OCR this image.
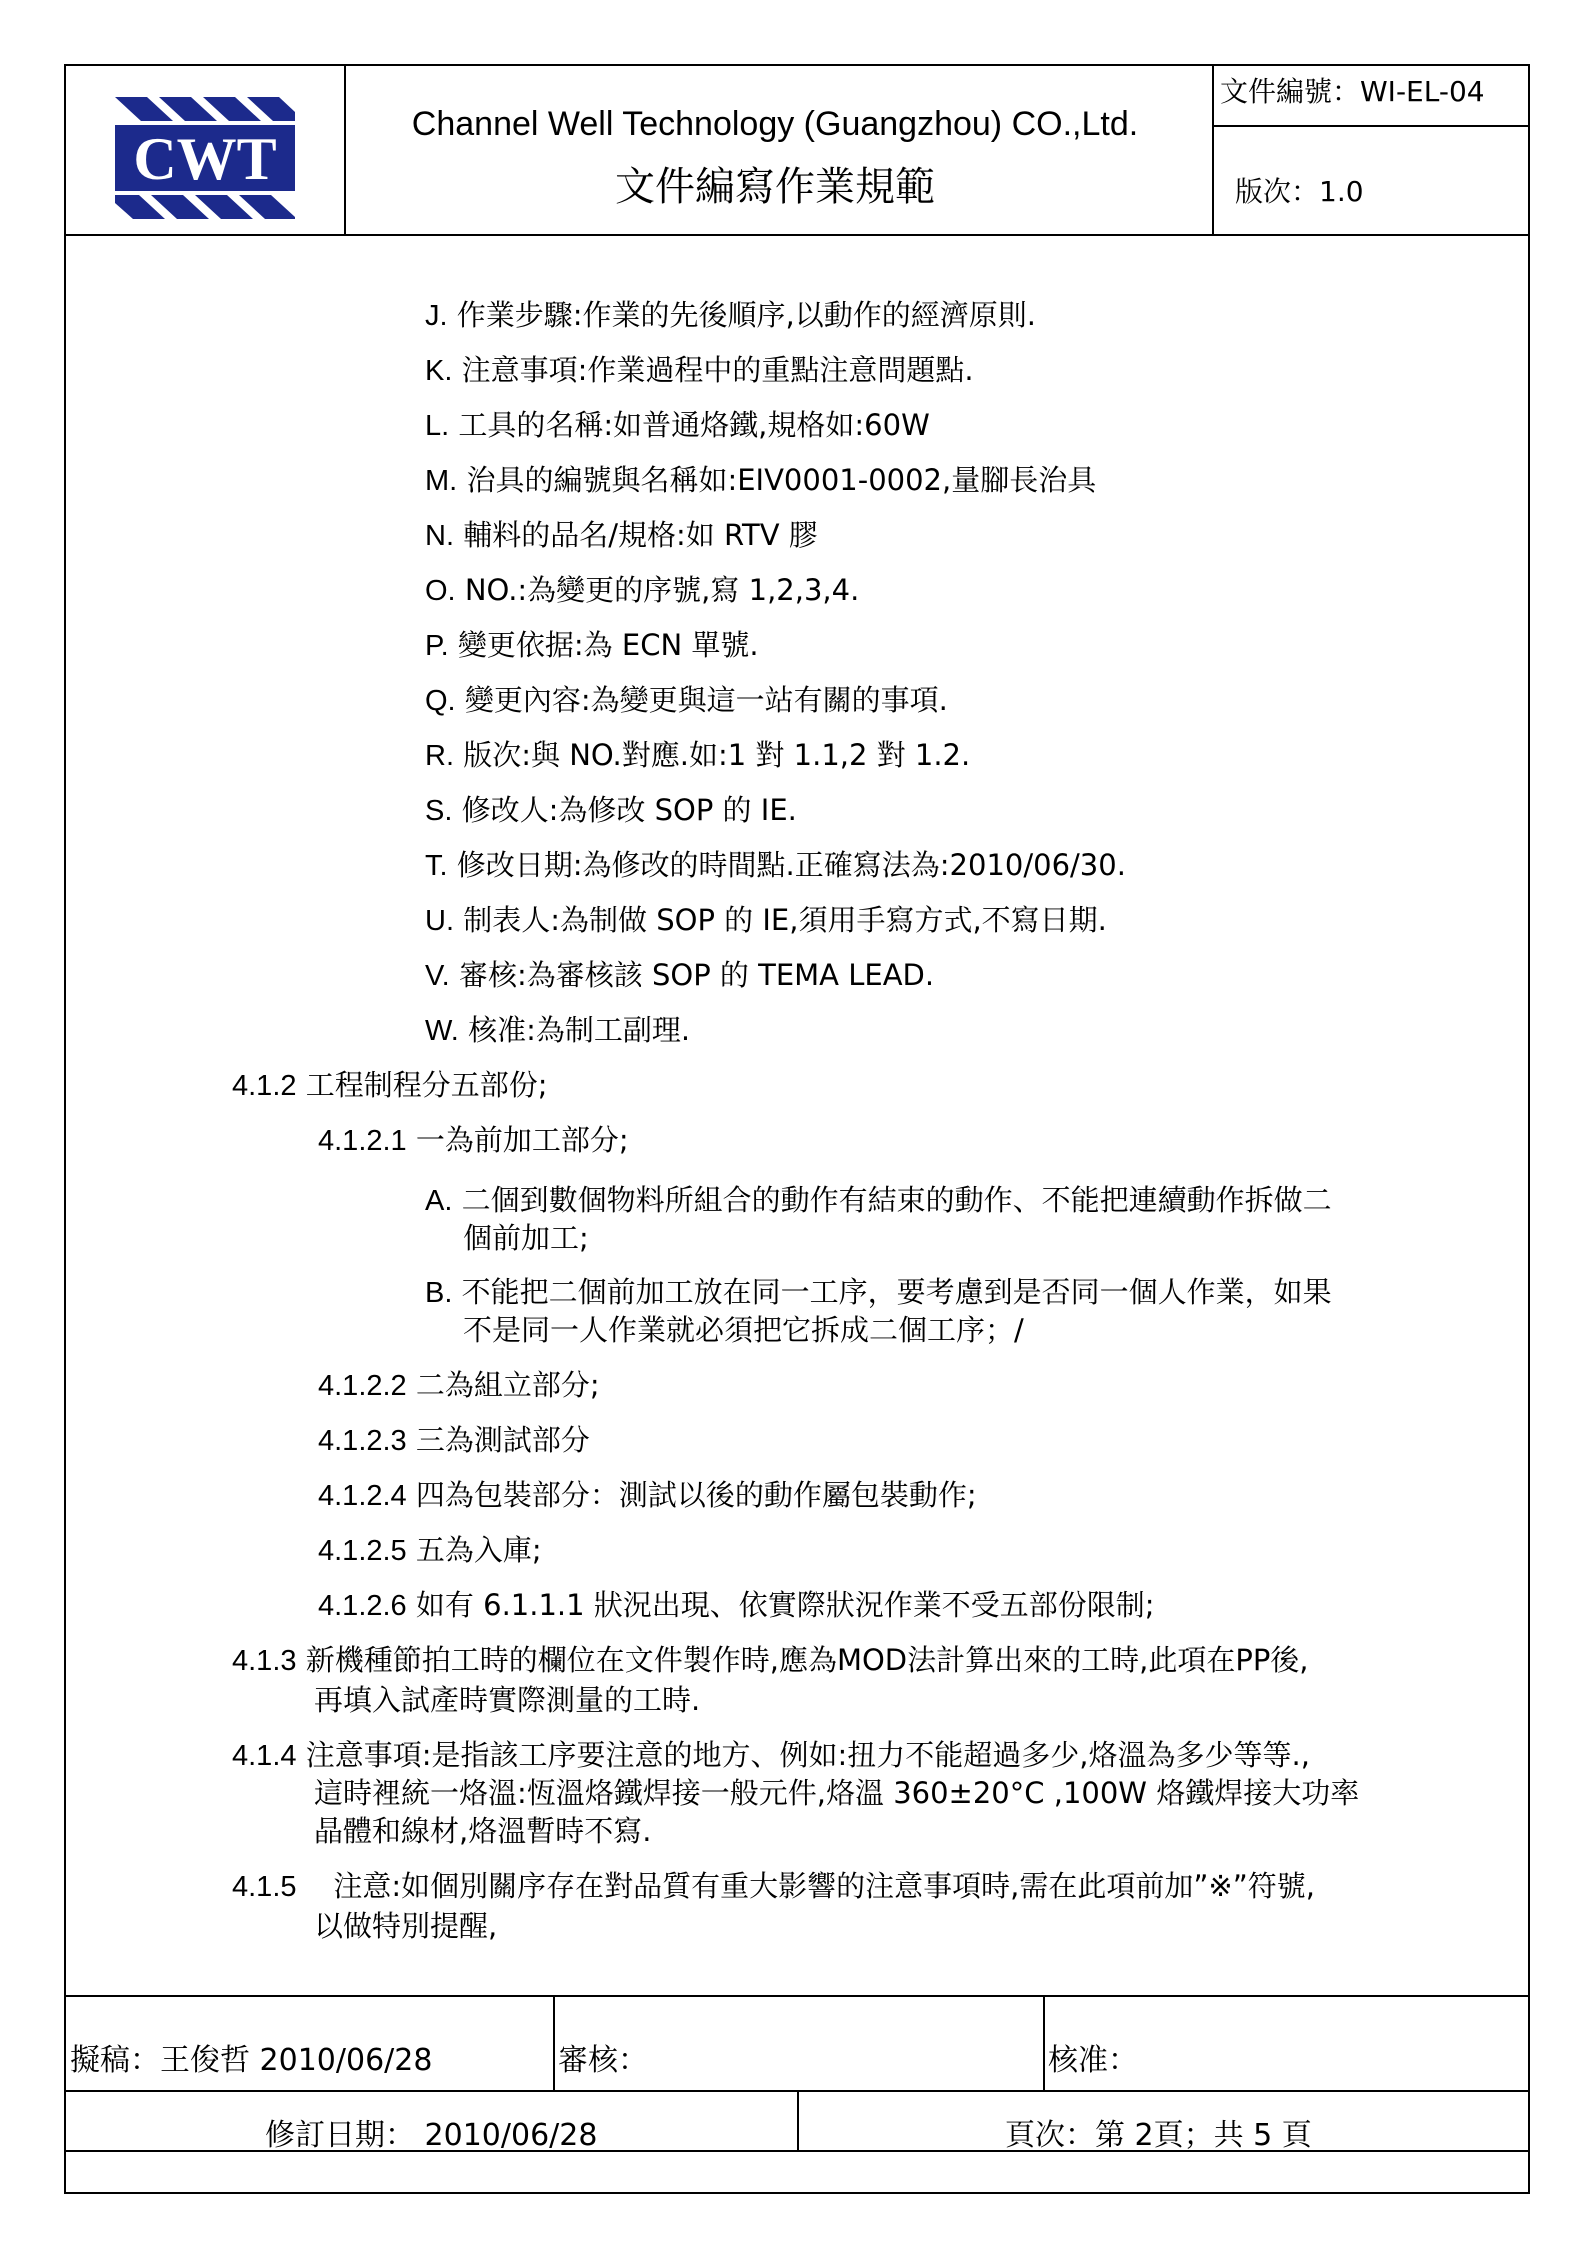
CWT
Channel Well Technology (Guangzhou) CO.,Ltd.
文件編寫作業規範
文件編號：WI-EL-04
版次：1.0
J. 作業步驟:作業的先後順序,以動作的經濟原則.
K. 注意事項:作業過程中的重點注意問題點.
L. 工具的名稱:如普通烙鐵,規格如:60W
M. 治具的編號與名稱如:EIV0001-0002,量腳長治具
N. 輔料的品名/規格:如 RTV 膠
O. NO.:為變更的序號,寫 1,2,3,4.
P. 變更依据:為 ECN 單號.
Q. 變更內容:為變更與這一站有關的事項.
R. 版次:與 NO.對應.如:1 對 1.1,2 對 1.2.
S. 修改人:為修改 SOP 的 IE.
T. 修改日期:為修改的時間點.正確寫法為:2010/06/30.
U. 制表人:為制做 SOP 的 IE,須用手寫方式,不寫日期.
V. 審核:為審核該 SOP 的 TEMA LEAD.
W. 核准:為制工副理.
4.1.2 工程制程分五部份;
4.1.2.1 一為前加工部分;
A. 二個到數個物料所組合的動作有結束的動作、不能把連續動作拆做二
個前加工;
B. 不能把二個前加工放在同一工序，要考慮到是否同一個人作業，如果
不是同一人作業就必須把它拆成二個工序；/
4.1.2.2 二為組立部分;
4.1.2.3 三為測試部分
4.1.2.4 四為包裝部分：測試以後的動作屬包裝動作;
4.1.2.5 五為入庫;
4.1.2.6 如有 6.1.1.1 狀況出現、依實際狀況作業不受五部份限制;
4.1.3 新機種節拍工時的欄位在文件製作時,應為MOD法計算出來的工時,此項在PP後,
再填入試產時實際測量的工時.
4.1.4 注意事項:是指該工序要注意的地方、例如:扭力不能超過多少,烙溫為多少等等.,
這時裡統一烙溫:恆溫烙鐵焊接一般元件,烙溫 360±20°C ,100W 烙鐵焊接大功率
晶體和線材,烙溫暫時不寫.
4.1.5 注意:如個別關序存在對品質有重大影響的注意事項時,需在此項前加”※”符號,
以做特別提醒,
擬稿：王俊哲 2010/06/28	審核：	核准：
修訂日期： 2010/06/28	頁次：第 2頁；共 5 頁
